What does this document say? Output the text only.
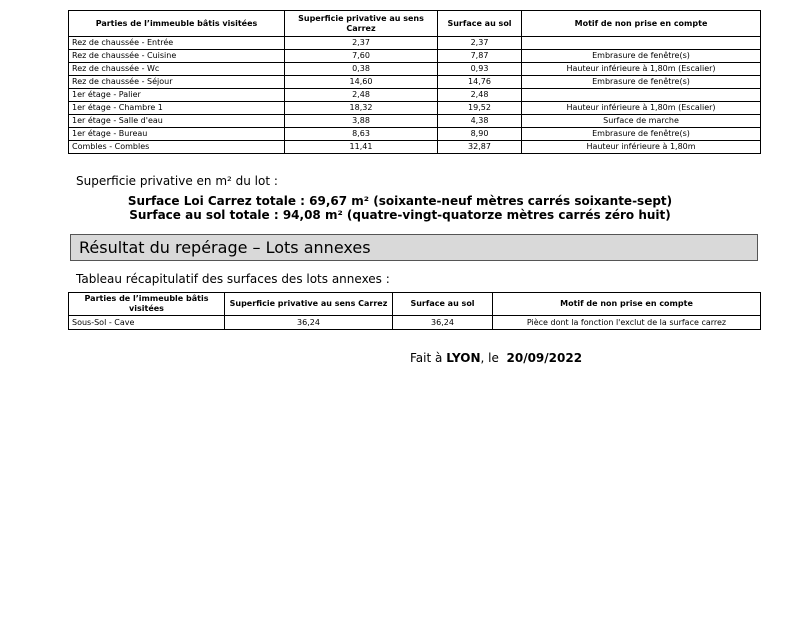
Parties de l’immeuble bâtis visitées	Superficie privative au sens Carrez	Surface au sol	Motif de non prise en compte
Rez de chaussée - Entrée	2,37	2,37	
Rez de chaussée - Cuisine	7,60	7,87	Embrasure de fenêtre(s)
Rez de chaussée - Wc	0,38	0,93	Hauteur inférieure à 1,80m (Escalier)
Rez de chaussée - Séjour	14,60	14,76	Embrasure de fenêtre(s)
1er étage - Palier	2,48	2,48	
1er étage - Chambre 1	18,32	19,52	Hauteur inférieure à 1,80m (Escalier)
1er étage - Salle d'eau	3,88	4,38	Surface de marche
1er étage - Bureau	8,63	8,90	Embrasure de fenêtre(s)
Combles - Combles	11,41	32,87	Hauteur inférieure à 1,80m
Superficie privative en m² du lot :
Surface Loi Carrez totale : 69,67 m² (soixante-neuf mètres carrés soixante-sept)
Surface au sol totale : 94,08 m² (quatre-vingt-quatorze mètres carrés zéro huit)
Résultat du repérage – Lots annexes
Tableau récapitulatif des surfaces des lots annexes :
Parties de l’immeuble bâtis visitées	Superficie privative au sens Carrez	Surface au sol	Motif de non prise en compte
Sous-Sol - Cave	36,24	36,24	Pièce dont la fonction l'exclut de la surface carrez
Fait à LYON, le 20/09/2022
